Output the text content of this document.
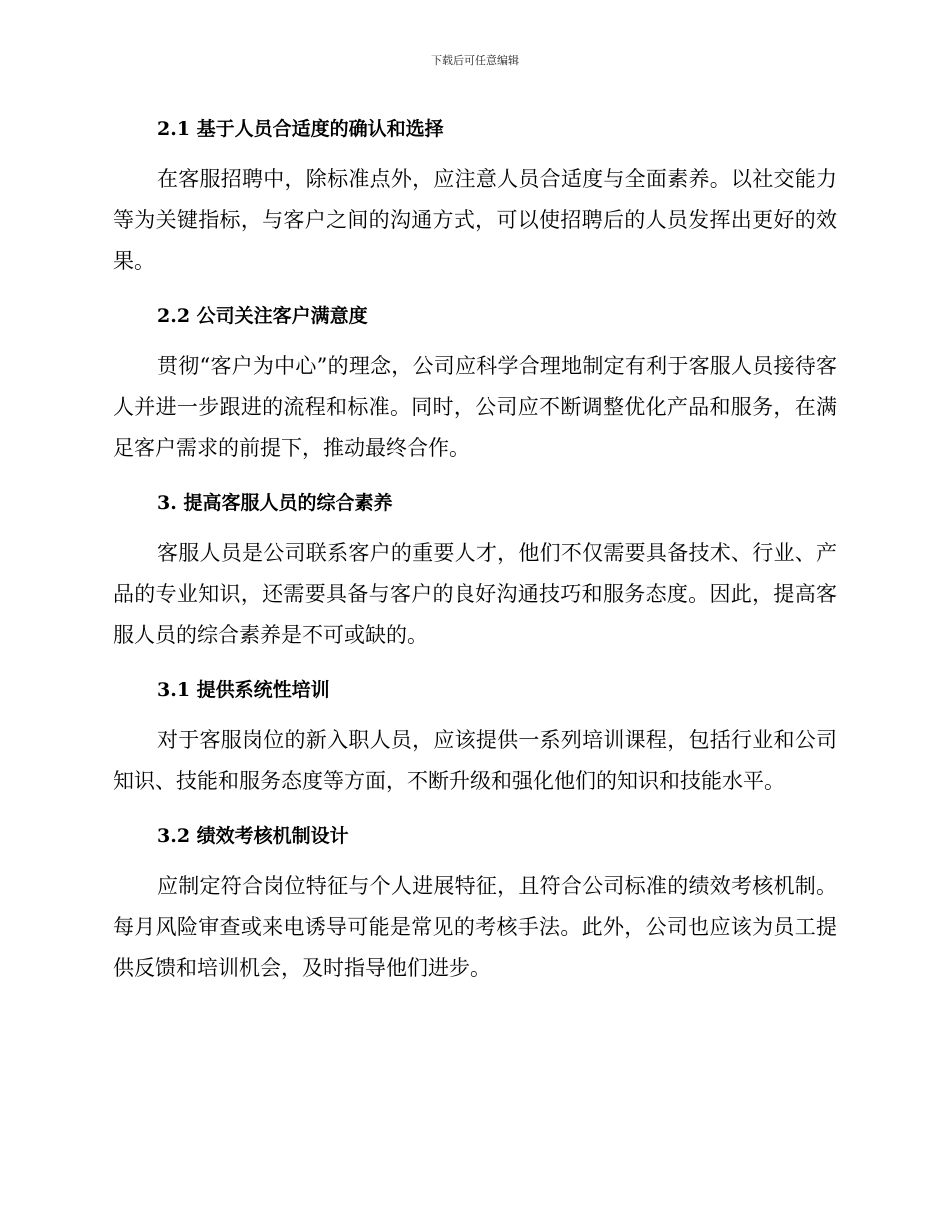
下载后可任意编辑
2.1 基于人员合适度的确认和选择

在客服招聘中，除标准点外，应注意人员合适度与全面素养。以社交能力等为关键指标，与客户之间的沟通方式，可以使招聘后的人员发挥出更好的效果。

2.2 公司关注客户满意度

贯彻“客户为中心”的理念，公司应科学合理地制定有利于客服人员接待客人并进一步跟进的流程和标准。同时，公司应不断调整优化产品和服务，在满足客户需求的前提下，推动最终合作。

3. 提高客服人员的综合素养

客服人员是公司联系客户的重要人才，他们不仅需要具备技术、行业、产品的专业知识，还需要具备与客户的良好沟通技巧和服务态度。因此，提高客服人员的综合素养是不可或缺的。

3.1 提供系统性培训

对于客服岗位的新入职人员，应该提供一系列培训课程，包括行业和公司知识、技能和服务态度等方面，不断升级和强化他们的知识和技能水平。

3.2 绩效考核机制设计

应制定符合岗位特征与个人进展特征，且符合公司标准的绩效考核机制。 每月风险审查或来电诱导可能是常见的考核手法。此外，公司也应该为员工提供反馈和培训机会，及时指导他们进步。
